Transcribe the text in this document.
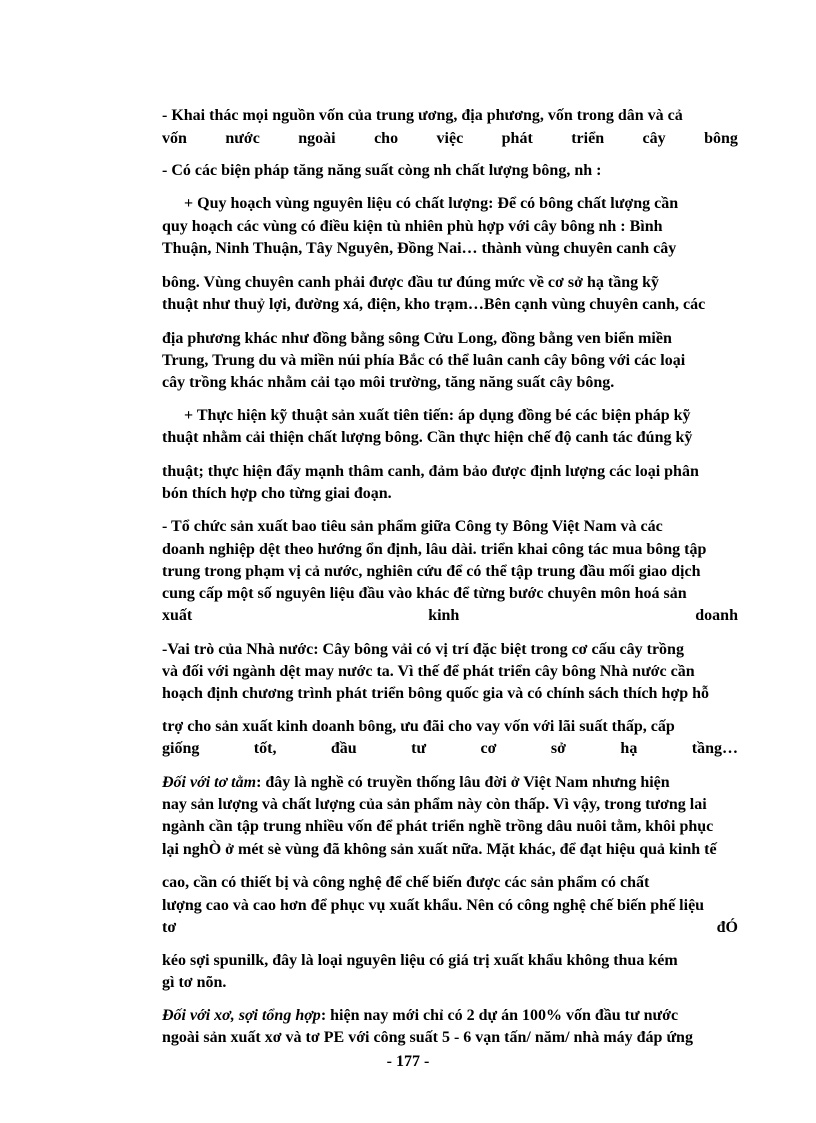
- Khai thác mọi nguồn vốn của trung ương, địa phương, vốn trong dân và cả
vốn nước ngoài cho việc phát triển cây bông
- Có các biện pháp tăng năng suất còng nh chất lượng bông, nh :
+ Quy hoạch vùng nguyên liệu có chất lượng: Để có bông chất lượng cần
quy hoạch các vùng có điều kiện tù nhiên phù hợp với cây bông nh : Bình
Thuận, Ninh Thuận, Tây Nguyên, Đồng Nai… thành vùng chuyên canh cây
bông. Vùng chuyên canh phải được đầu tư đúng mức về cơ sở hạ tầng kỹ
thuật như thuỷ lợi, đường xá, điện, kho trạm…Bên cạnh vùng chuyên canh, các
địa phương khác như đồng bằng sông Cửu Long, đồng bằng ven biển miền
Trung, Trung du và miền núi phía Bắc có thể luân canh cây bông với các loại
cây trồng khác nhằm cải tạo môi trường, tăng năng suất cây bông.
+ Thực hiện kỹ thuật sản xuất tiên tiến: áp dụng đồng bé các biện pháp kỹ
thuật nhằm cải thiện chất lượng bông. Cần thực hiện chế độ canh tác đúng kỹ
thuật; thực hiện đẩy mạnh thâm canh, đảm bảo được định lượng các loại phân
bón thích hợp cho từng giai đoạn.
- Tổ chức sản xuất bao tiêu sản phẩm giữa Công ty Bông Việt Nam và các
doanh nghiệp dệt theo hướng ổn định, lâu dài. triển khai công tác mua bông tập
trung trong phạm vị cả nước, nghiên cứu để có thể tập trung đầu mối giao dịch
cung cấp một số nguyên liệu đầu vào khác để từng bước chuyên môn hoá sản
xuất	kinh	doanh
-Vai trò của Nhà nước: Cây bông vải có vị trí đặc biệt trong cơ cấu cây trồng
và đối với ngành dệt may nước ta. Vì thế để phát triển cây bông Nhà nước cần
hoạch định chương trình phát triển bông quốc gia và có chính sách thích hợp hỗ
trợ cho sản xuất kinh doanh bông, ưu đãi cho vay vốn với lãi suất thấp, cấp
giống	tốt,	đầu	tư	cơ	sở	hạ	tầng…
Đối với tơ tằm: đây là nghề có truyền thống lâu đời ở Việt Nam nhưng hiện
nay sản lượng và chất lượng của sản phẩm này còn thấp. Vì vậy, trong tương lai
ngành cần tập trung nhiều vốn để phát triển nghề trồng dâu nuôi tằm, khôi phục
lại nghÒ ở mét sè vùng đã không sản xuất nữa. Mặt khác, để đạt hiệu quả kinh tế
cao, cần có thiết bị và công nghệ để chế biến được các sản phẩm có chất
lượng cao và cao hơn để phục vụ xuất khẩu. Nên có công nghệ chế biến phế liệu
tơ	đÓ
kéo sợi spunilk, đây là loại nguyên liệu có giá trị xuất khẩu không thua kém
gì tơ nõn.
Đối với xơ, sợi tổng hợp: hiện nay mới chỉ có 2 dự án 100% vốn đầu tư nước
ngoài sản xuất xơ và tơ PE với công suất 5 - 6 vạn tấn/ năm/ nhà máy đáp ứng
- 177 -
